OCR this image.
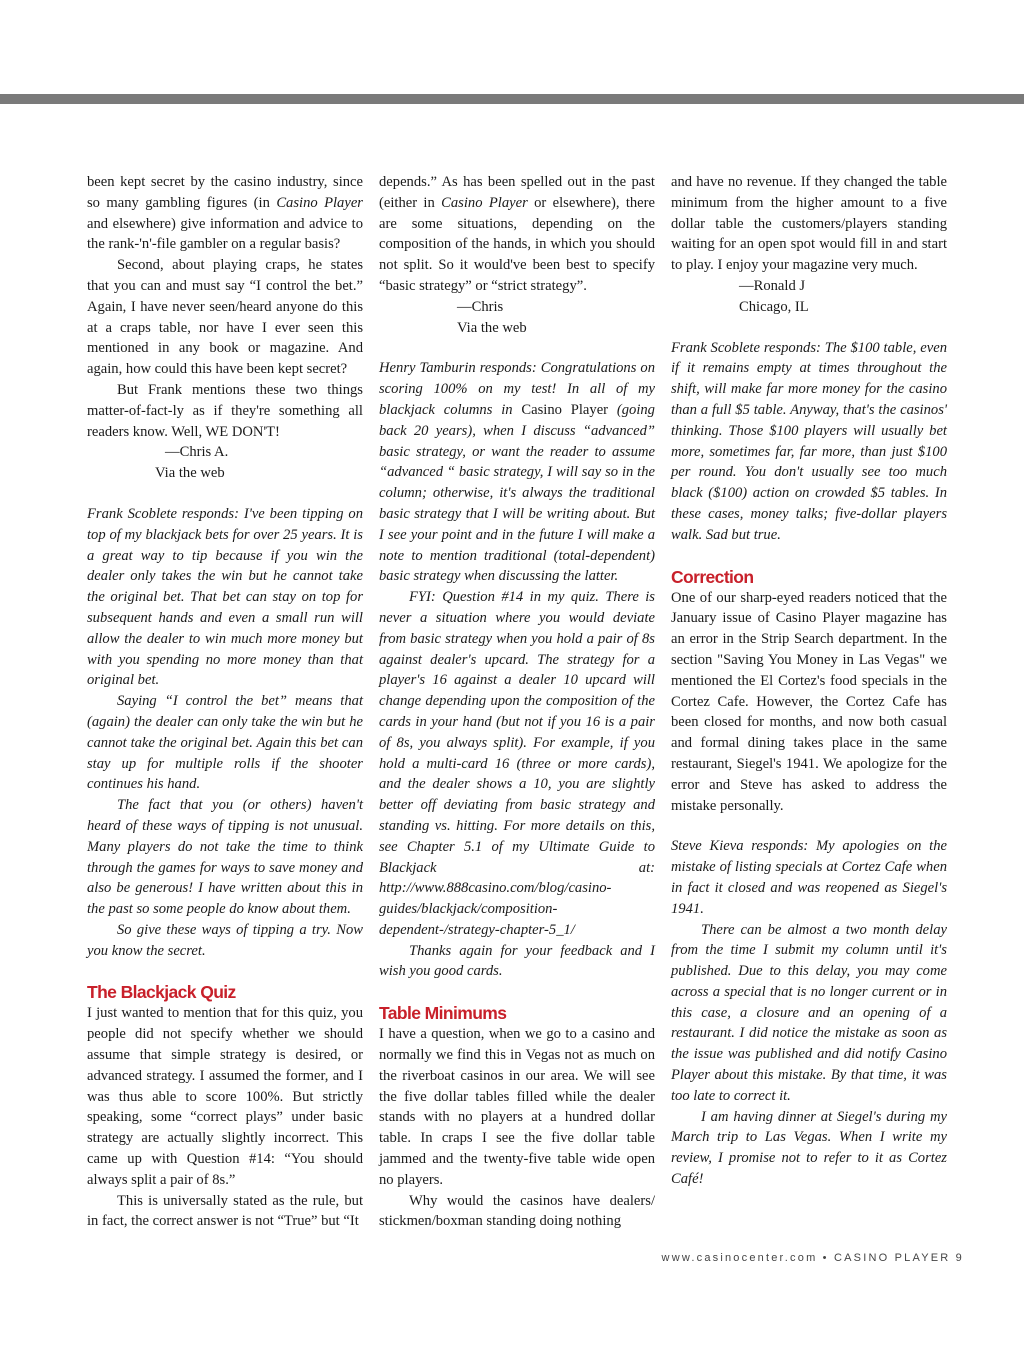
been kept secret by the casino industry, since so many gambling figures (in Casino Player and elsewhere) give information and advice to the rank-'n'-file gambler on a regular basis?

Second, about playing craps, he states that you can and must say “I control the bet.” Again, I have never seen/heard anyone do this at a craps table, nor have I ever seen this mentioned in any book or magazine. And again, how could this have been kept secret?

But Frank mentions these two things matter-of-fact-ly as if they're something all readers know. Well, WE DON'T!

—Chris A.

Via the web

Frank Scoblete responds: I've been tipping on top of my blackjack bets for over 25 years. It is a great way to tip because if you win the dealer only takes the win but he cannot take the original bet. That bet can stay on top for subsequent hands and even a small run will allow the dealer to win much more money but with you spending no more money than that original bet.

Saying “I control the bet” means that (again) the dealer can only take the win but he cannot take the original bet. Again this bet can stay up for multiple rolls if the shooter continues his hand.

The fact that you (or others) haven't heard of these ways of tipping is not unusual. Many players do not take the time to think through the games for ways to save money and also be generous! I have written about this in the past so some people do know about them.

So give these ways of tipping a try. Now you know the secret.

The Blackjack Quiz

I just wanted to mention that for this quiz, you people did not specify whether we should assume that simple strategy is desired, or advanced strategy. I assumed the former, and I was thus able to score 100%. But strictly speaking, some “correct plays” under basic strategy are actually slightly incorrect. This came up with Question #14: “You should always split a pair of 8s.”

This is universally stated as the rule, but in fact, the correct answer is not “True” but “It

depends.” As has been spelled out in the past (either in Casino Player or elsewhere), there are some situations, depending on the composition of the hands, in which you should not split. So it would've been best to specify “basic strategy” or “strict strategy”.

—Chris

Via the web

Henry Tamburin responds: Congratulations on scoring 100% on my test! In all of my blackjack columns in Casino Player (going back 20 years), when I discuss “advanced” basic strategy, or want the reader to assume “advanced “ basic strategy, I will say so in the column; otherwise, it's always the traditional basic strategy that I will be writing about. But I see your point and in the future I will make a note to mention traditional (total-dependent) basic strategy when discussing the latter.

FYI: Question #14 in my quiz. There is never a situation where you would deviate from basic strategy when you hold a pair of 8s against dealer's upcard. The strategy for a player's 16 against a dealer 10 upcard will change depending upon the composition of the cards in your hand (but not if you 16 is a pair of 8s, you always split). For example, if you hold a multi-card 16 (three or more cards), and the dealer shows a 10, you are slightly better off deviating from basic strategy and standing vs. hitting. For more details on this, see Chapter 5.1 of my Ultimate Guide to Blackjack at: http://www.888casino.com/blog/casino-guides/blackjack/composition-dependent-/strategy-chapter-5_1/

Thanks again for your feedback and I wish you good cards.

Table Minimums

I have a question, when we go to a casino and normally we find this in Vegas not as much on the riverboat casinos in our area. We will see the five dollar tables filled while the dealer stands with no players at a hundred dollar table. In craps I see the five dollar table jammed and the twenty-five table wide open no players.

Why would the casinos have dealers/ stickmen/boxman standing doing nothing

and have no revenue. If they changed the table minimum from the higher amount to a five dollar table the customers/players standing waiting for an open spot would fill in and start to play. I enjoy your magazine very much.

—Ronald J

Chicago, IL

Frank Scoblete responds: The $100 table, even if it remains empty at times throughout the shift, will make far more money for the casino than a full $5 table. Anyway, that's the casinos' thinking. Those $100 players will usually bet more, sometimes far, far more, than just $100 per round. You don't usually see too much black ($100) action on crowded $5 tables. In these cases, money talks; five-dollar players walk. Sad but true.

Correction

One of our sharp-eyed readers noticed that the January issue of Casino Player magazine has an error in the Strip Search department. In the section "Saving You Money in Las Vegas" we mentioned the El Cortez's food specials in the Cortez Cafe. However, the Cortez Cafe has been closed for months, and now both casual and formal dining takes place in the same restaurant, Siegel's 1941. We apologize for the error and Steve has asked to address the mistake personally.

Steve Kieva responds: My apologies on the mistake of listing specials at Cortez Cafe when in fact it closed and was reopened as Siegel's 1941.

There can be almost a two month delay from the time I submit my column until it's published. Due to this delay, you may come across a special that is no longer current or in this case, a closure and an opening of a restaurant. I did notice the mistake as soon as the issue was published and did notify Casino Player about this mistake. By that time, it was too late to correct it.

I am having dinner at Siegel's during my March trip to Las Vegas. When I write my review, I promise not to refer to it as Cortez Café!

www.casinocenter.com • CASINO PLAYER 9
